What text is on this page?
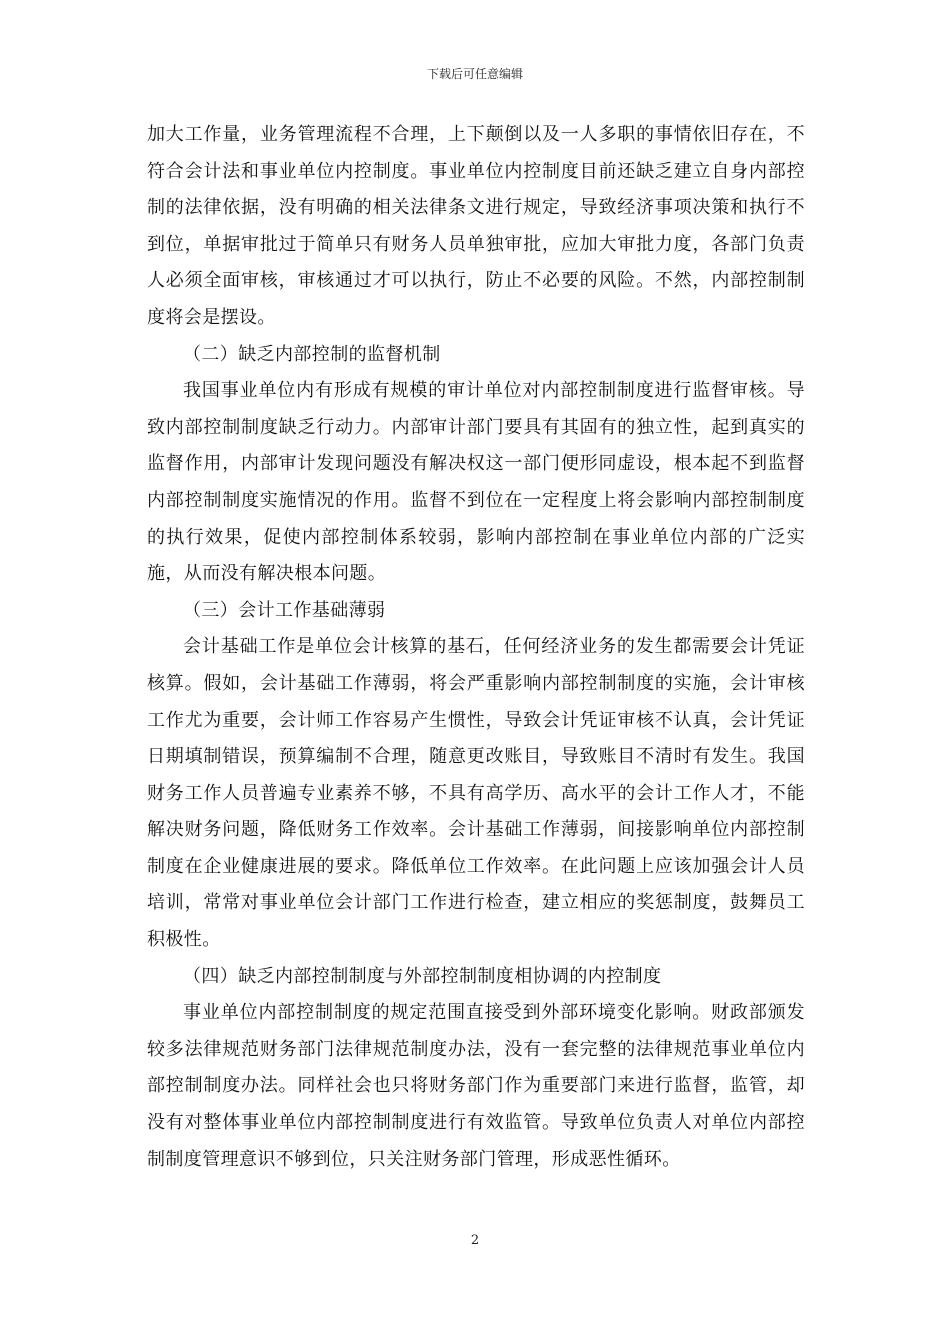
下载后可任意编辑

加大工作量，业务管理流程不合理，上下颠倒以及一人多职的事情依旧存在，不符合会计法和事业单位内控制度。事业单位内控制度目前还缺乏建立自身内部控制的法律依据，没有明确的相关法律条文进行规定，导致经济事项决策和执行不到位，单据审批过于简单只有财务人员单独审批，应加大审批力度，各部门负责人必须全面审核，审核通过才可以执行，防止不必要的风险。不然，内部控制制度将会是摆设。

（二）缺乏内部控制的监督机制

我国事业单位内有形成有规模的审计单位对内部控制制度进行监督审核。导致内部控制制度缺乏行动力。内部审计部门要具有其固有的独立性，起到真实的监督作用，内部审计发现问题没有解决权这一部门便形同虚设，根本起不到监督内部控制制度实施情况的作用。监督不到位在一定程度上将会影响内部控制制度的执行效果，促使内部控制体系较弱，影响内部控制在事业单位内部的广泛实施，从而没有解决根本问题。

（三）会计工作基础薄弱

会计基础工作是单位会计核算的基石，任何经济业务的发生都需要会计凭证核算。假如，会计基础工作薄弱，将会严重影响内部控制制度的实施，会计审核工作尤为重要，会计师工作容易产生惯性，导致会计凭证审核不认真，会计凭证日期填制错误，预算编制不合理，随意更改账目，导致账目不清时有发生。我国财务工作人员普遍专业素养不够，不具有高学历、高水平的会计工作人才，不能解决财务问题，降低财务工作效率。会计基础工作薄弱，间接影响单位内部控制制度在企业健康进展的要求。降低单位工作效率。在此问题上应该加强会计人员培训，常常对事业单位会计部门工作进行检查，建立相应的奖惩制度，鼓舞员工积极性。

（四）缺乏内部控制制度与外部控制制度相协调的内控制度

事业单位内部控制制度的规定范围直接受到外部环境变化影响。财政部颁发较多法律规范财务部门法律规范制度办法，没有一套完整的法律规范事业单位内部控制制度办法。同样社会也只将财务部门作为重要部门来进行监督，监管，却没有对整体事业单位内部控制制度进行有效监管。导致单位负责人对单位内部控制制度管理意识不够到位，只关注财务部门管理，形成恶性循环。

2
